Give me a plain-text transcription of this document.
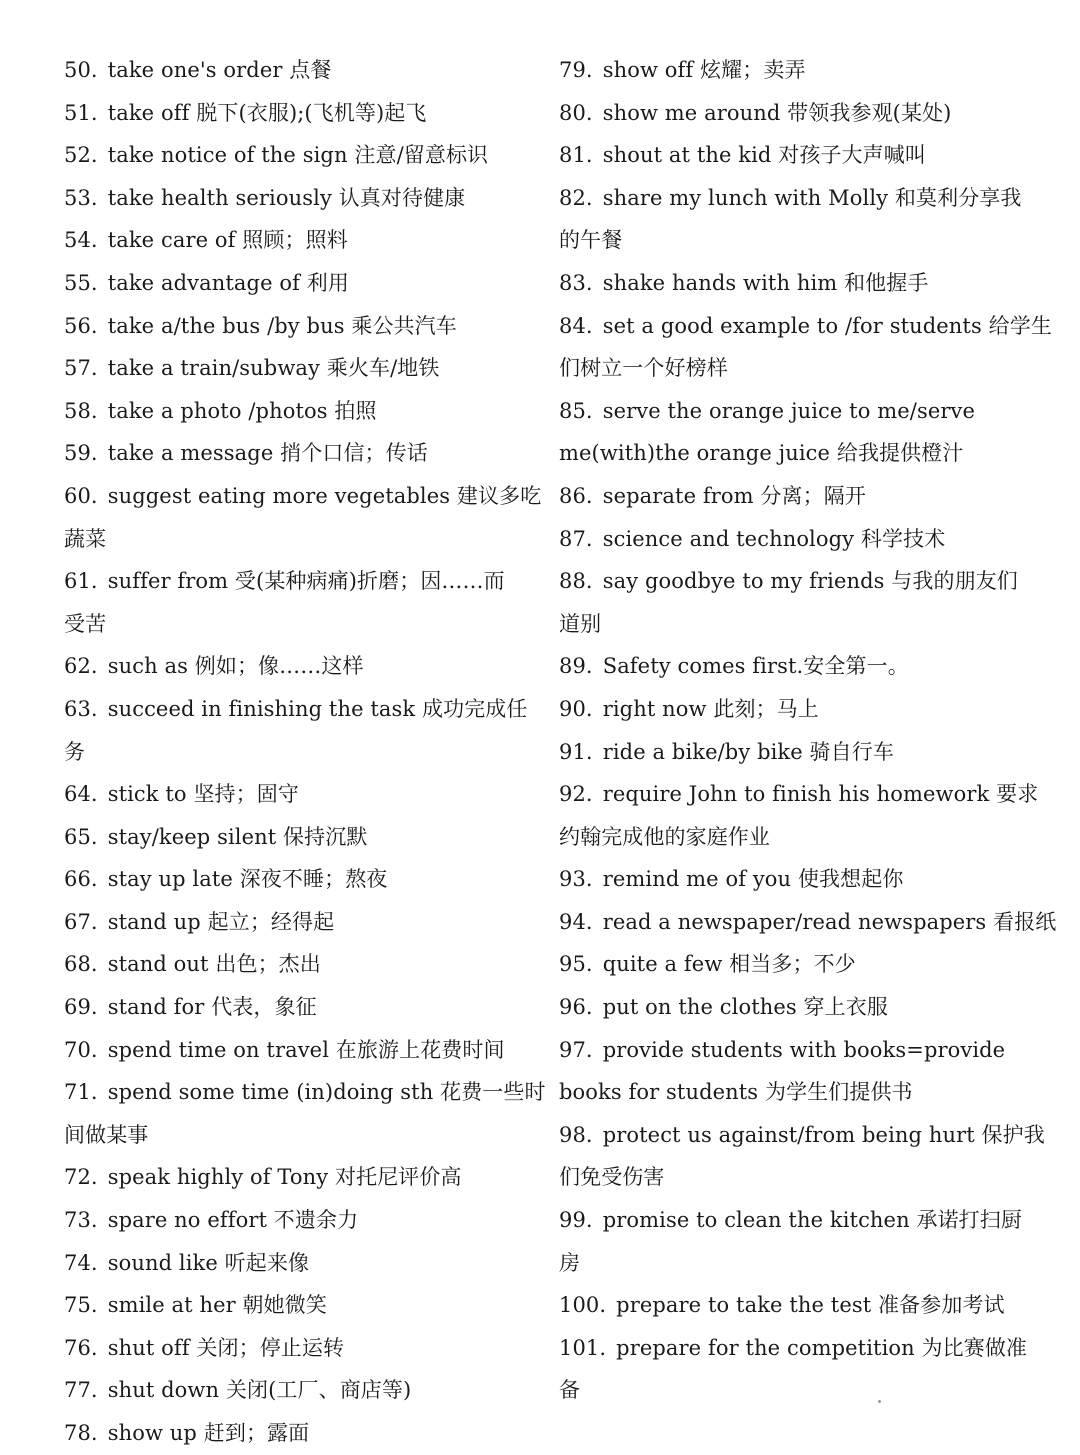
50. take one's order 点餐
51. take off 脱下(衣服);(飞机等)起飞
52. take notice of the sign 注意/留意标识
53. take health seriously 认真对待健康
54. take care of 照顾；照料
55. take advantage of 利用
56. take a/the bus /by bus 乘公共汽车
57. take a train/subway 乘火车/地铁
58. take a photo /photos 拍照
59. take a message 捎个口信；传话
60. suggest eating more vegetables 建议多吃
蔬菜
61. suffer from 受(某种病痛)折磨；因……而
受苦
62. such as 例如；像……这样
63. succeed in finishing the task 成功完成任
务
64. stick to 坚持；固守
65. stay/keep silent 保持沉默
66. stay up late 深夜不睡；熬夜
67. stand up 起立；经得起
68. stand out 出色；杰出
69. stand for 代表，象征
70. spend time on travel 在旅游上花费时间
71. spend some time (in)doing sth 花费一些时
间做某事
72. speak highly of Tony 对托尼评价高
73. spare no effort 不遗余力
74. sound like 听起来像
75. smile at her 朝她微笑
76. shut off 关闭；停止运转
77. shut down 关闭(工厂、商店等)
78. show up 赶到；露面
79. show off 炫耀；卖弄
80. show me around 带领我参观(某处)
81. shout at the kid 对孩子大声喊叫
82. share my lunch with Molly 和莫利分享我
的午餐
83. shake hands with him 和他握手
84. set a good example to /for students 给学生
们树立一个好榜样
85. serve the orange juice to me/serve
me(with)the orange juice 给我提供橙汁
86. separate from 分离；隔开
87. science and technology 科学技术
88. say goodbye to my friends 与我的朋友们
道别
89. Safety comes first.安全第一。
90. right now 此刻；马上
91. ride a bike/by bike 骑自行车
92. require John to finish his homework 要求
约翰完成他的家庭作业
93. remind me of you 使我想起你
94. read a newspaper/read newspapers 看报纸
95. quite a few 相当多；不少
96. put on the clothes 穿上衣服
97. provide students with books=provide
books for students 为学生们提供书
98. protect us against/from being hurt 保护我
们免受伤害
99. promise to clean the kitchen 承诺打扫厨
房
100. prepare to take the test 准备参加考试
101. prepare for the competition 为比赛做准
备
